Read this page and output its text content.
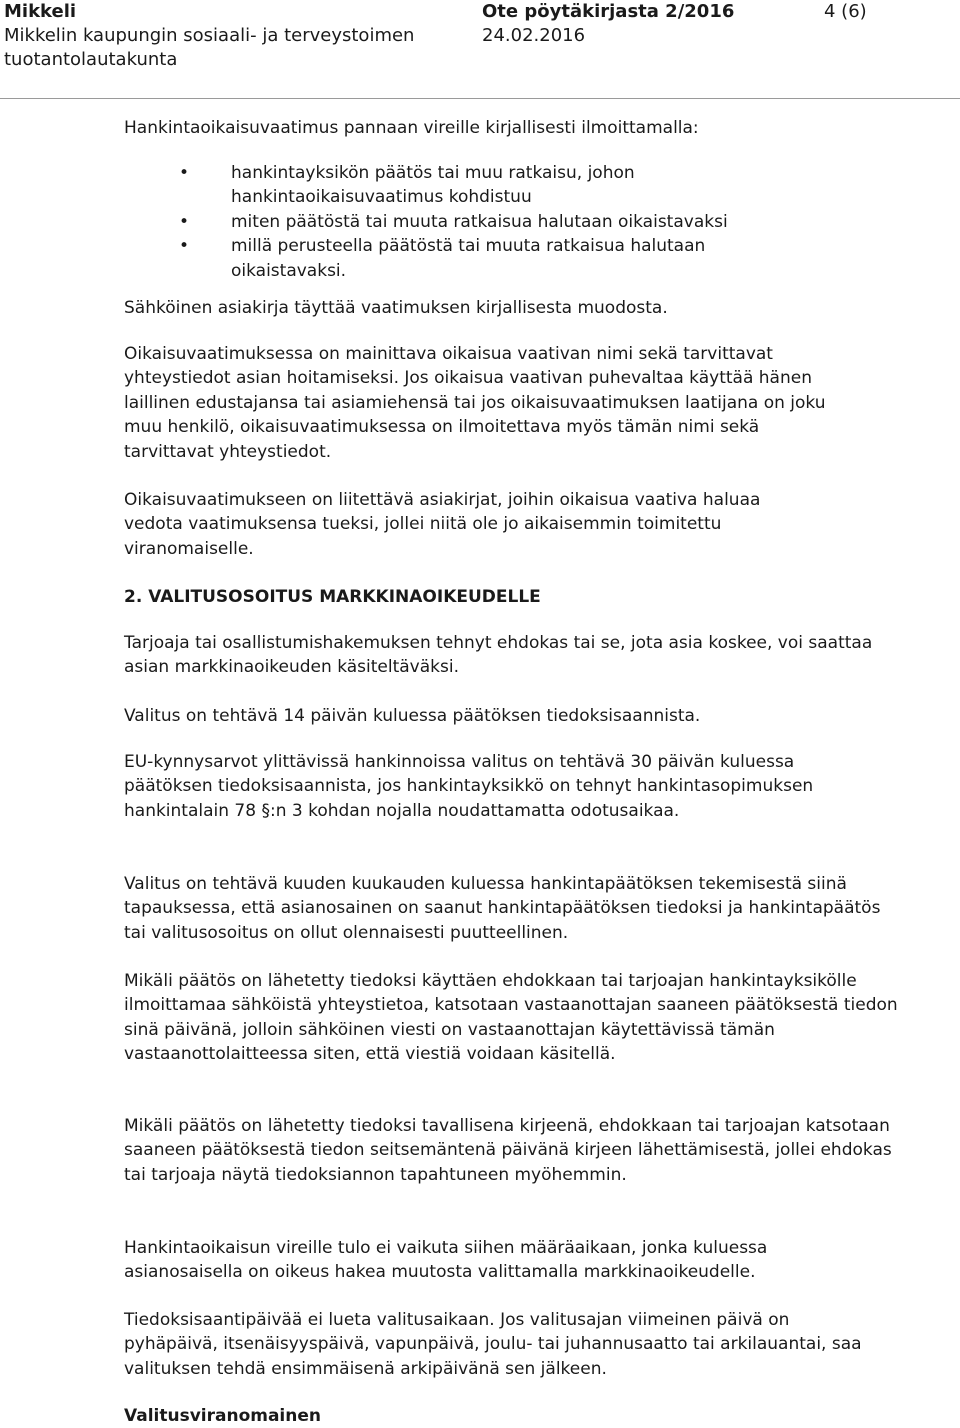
Mikkeli
Mikkelin kaupungin sosiaali- ja terveystoimen
tuotantolautakunta
Ote pöytäkirjasta 2/2016
24.02.2016
4 (6)

Hankintaoikaisuvaatimus pannaan vireille kirjallisesti ilmoittamalla:

• hankintayksikön päätös tai muu ratkaisu, johon hankintaoikaisuvaatimus kohdistuu
• miten päätöstä tai muuta ratkaisua halutaan oikaistavaksi
• millä perusteella päätöstä tai muuta ratkaisua halutaan oikaistavaksi.

Sähköinen asiakirja täyttää vaatimuksen kirjallisesta muodosta.

Oikaisuvaatimuksessa on mainittava oikaisua vaativan nimi sekä tarvittavat yhteystiedot asian hoitamiseksi. Jos oikaisua vaativan puhevaltaa käyttää hänen laillinen edustajansa tai asiamiehensä tai jos oikaisuvaatimuksen laatijana on joku muu henkilö, oikaisuvaatimuksessa on ilmoitettava myös tämän nimi sekä tarvittavat yhteystiedot.

Oikaisuvaatimukseen on liitettävä asiakirjat, joihin oikaisua vaativa haluaa vedota vaatimuksensa tueksi, jollei niitä ole jo aikaisemmin toimitettu viranomaiselle.

2. VALITUSOSOITUS MARKKINAOIKEUDELLE

Tarjoaja tai osallistumishakemuksen tehnyt ehdokas tai se, jota asia koskee, voi saattaa asian markkinaoikeuden käsiteltäväksi.

Valitus on tehtävä 14 päivän kuluessa päätöksen tiedoksisaannista.

EU-kynnysarvot ylittävissä hankinnoissa valitus on tehtävä 30 päivän kuluessa päätöksen tiedoksisaannista, jos hankintayksikkö on tehnyt hankintasopimuksen hankintalain 78 §:n 3 kohdan nojalla noudattamatta odotusaikaa.

Valitus on tehtävä kuuden kuukauden kuluessa hankintapäätöksen tekemisestä siinä tapauksessa, että asianosainen on saanut hankintapäätöksen tiedoksi ja hankintapäätös tai valitusosoitus on ollut olennaisesti puutteellinen.

Mikäli päätös on lähetetty tiedoksi käyttäen ehdokkaan tai tarjoajan hankintayksikölle ilmoittamaa sähköistä yhteystietoa, katsotaan vastaanottajan saaneen päätöksestä tiedon sinä päivänä, jolloin sähköinen viesti on vastaanottajan käytettävissä tämän vastaanottolaitteessa siten, että viestiä voidaan käsitellä.

Mikäli päätös on lähetetty tiedoksi tavallisena kirjeenä, ehdokkaan tai tarjoajan katsotaan saaneen päätöksestä tiedon seitsemäntenä päivänä kirjeen lähettämisestä, jollei ehdokas tai tarjoaja näytä tiedoksiannon tapahtuneen myöhemmin.

Hankintaoikaisun vireille tulo ei vaikuta siihen määräaikaan, jonka kuluessa asianosaisella on oikeus hakea muutosta valittamalla markkinaoikeudelle.

Tiedoksisaantipäivää ei lueta valitusaikaan. Jos valitusajan viimeinen päivä on pyhäpäivä, itsenäisyyspäivä, vapunpäivä, joulu- tai juhannusaatto tai arkilauantai, saa valituksen tehdä ensimmäisenä arkipäivänä sen jälkeen.

Valitusviranomainen
